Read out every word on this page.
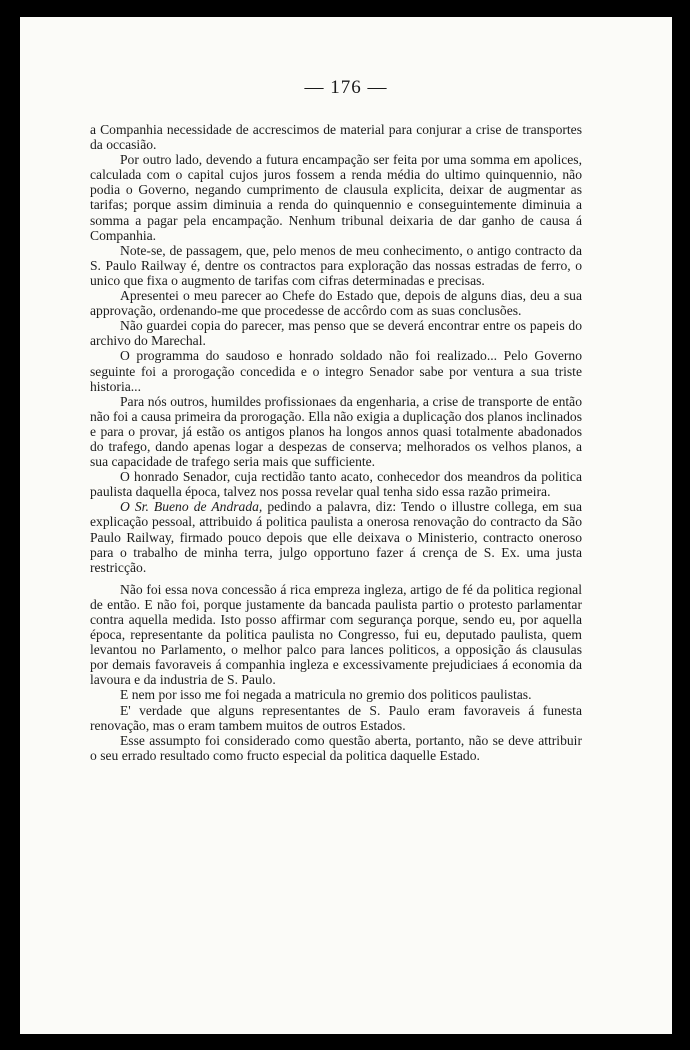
— 176 —

a Companhia necessidade de accrescimos de material para conjurar a crise de transportes da occasião.

Por outro lado, devendo a futura encampação ser feita por uma somma em apolices, calculada com o capital cujos juros fossem a renda média do ultimo quinquennio, não podia o Governo, negando cumprimento de clausula explicita, deixar de augmentar as tarifas; porque assim diminuia a renda do quinquennio e conseguintemente diminuia a somma a pagar pela encampação. Nenhum tribunal deixaria de dar ganho de causa á Companhia.

Note-se, de passagem, que, pelo menos de meu conhecimento, o antigo contracto da S. Paulo Railway é, dentre os contractos para exploração das nossas estradas de ferro, o unico que fixa o augmento de tarifas com cifras determinadas e precisas.

Apresentei o meu parecer ao Chefe do Estado que, depois de alguns dias, deu a sua approvação, ordenando-me que procedesse de accôrdo com as suas conclusões.

Não guardei copia do parecer, mas penso que se deverá encontrar entre os papeis do archivo do Marechal.

O programma do saudoso e honrado soldado não foi realizado... Pelo Governo seguinte foi a prorogação concedida e o integro Senador sabe por ventura a sua triste historia...

Para nós outros, humildes profissionaes da engenharia, a crise de transporte de então não foi a causa primeira da prorogação. Ella não exigia a duplicação dos planos inclinados e para o provar, já estão os antigos planos ha longos annos quasi totalmente abadonados do trafego, dando apenas logar a despezas de conserva; melhorados os velhos planos, a sua capacidade de trafego seria mais que sufficiente.

O honrado Senador, cuja rectidão tanto acato, conhecedor dos meandros da politica paulista daquella época, talvez nos possa revelar qual tenha sido essa razão primeira.

O Sr. Bueno de Andrada, pedindo a palavra, diz: Tendo o illustre collega, em sua explicação pessoal, attribuido á politica paulista a onerosa renovação do contracto da São Paulo Railway, firmado pouco depois que elle deixava o Ministerio, contracto oneroso para o trabalho de minha terra, julgo opportuno fazer á crença de S. Ex. uma justa restricção.

Não foi essa nova concessão á rica empreza ingleza, artigo de fé da politica regional de então. E não foi, porque justamente da bancada paulista partio o protesto parlamentar contra aquella medida. Isto posso affirmar com segurança porque, sendo eu, por aquella época, representante da politica paulista no Congresso, fui eu, deputado paulista, quem levantou no Parlamento, o melhor palco para lances politicos, a opposição ás clausulas por demais favoraveis á companhia ingleza e excessivamente prejudiciaes á economia da lavoura e da industria de S. Paulo.

E nem por isso me foi negada a matricula no gremio dos politicos paulistas.

E' verdade que alguns representantes de S. Paulo eram favoraveis á funesta renovação, mas o eram tambem muitos de outros Estados.

Esse assumpto foi considerado como questão aberta, portanto, não se deve attribuir o seu errado resultado como fructo especial da politica daquelle Estado.
